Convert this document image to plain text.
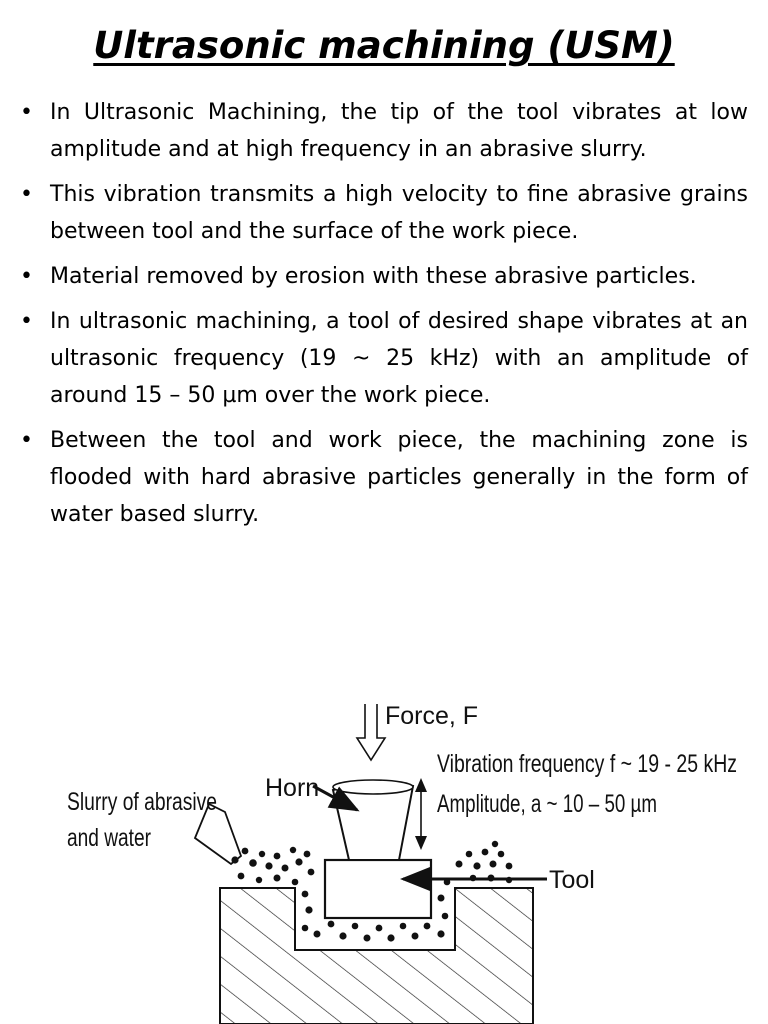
Ultrasonic machining (USM)
• In Ultrasonic Machining, the tip of the tool vibrates at low amplitude and at high frequency in an abrasive slurry.
• This vibration transmits a high velocity to fine abrasive grains between tool and the surface of the work piece.
• Material removed by erosion with these abrasive particles.
• In ultrasonic machining, a tool of desired shape vibrates at an ultrasonic frequency (19 ~ 25 kHz) with an amplitude of around 15 – 50 µm over the work piece.
• Between the tool and work piece, the machining zone is flooded with hard abrasive particles generally in the form of water based slurry.
Force, F
Horn
Vibration frequency f ~ 19 - 25 kHz
Amplitude, a ~ 10 – 50 µm
Slurry of abrasive
and water
Tool
